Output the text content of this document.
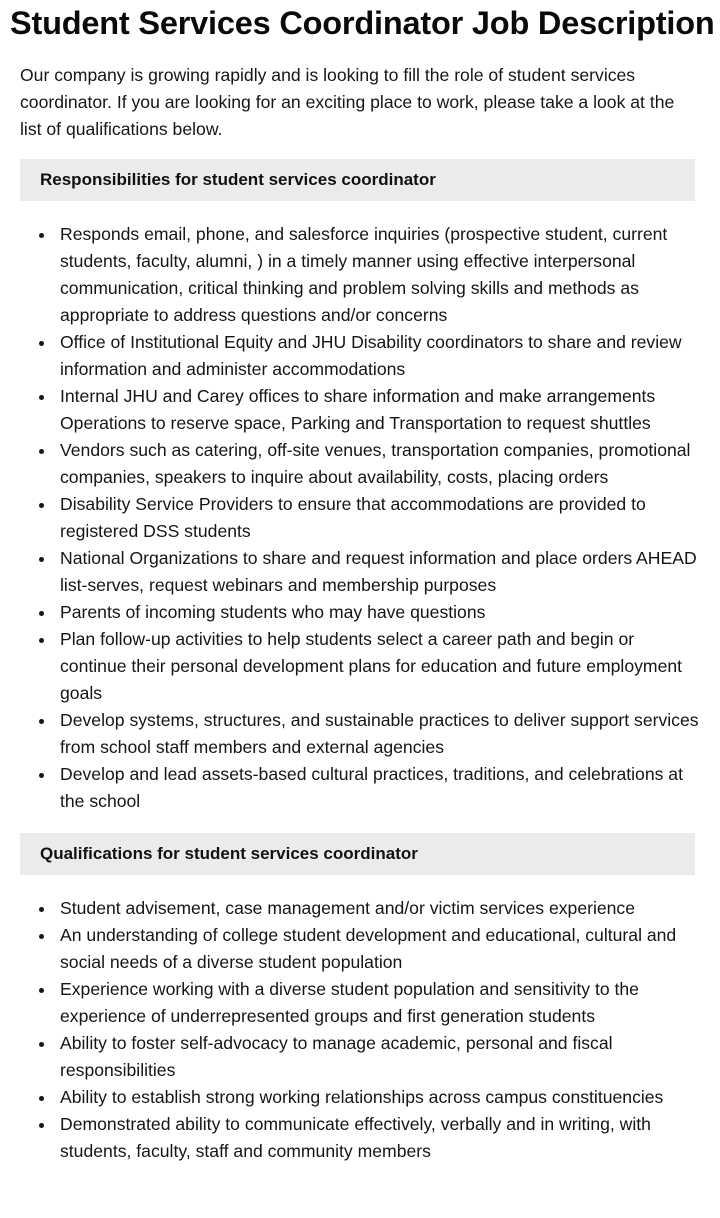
Student Services Coordinator Job Description

Our company is growing rapidly and is looking to fill the role of student services coordinator. If you are looking for an exciting place to work, please take a look at the list of qualifications below.

Responsibilities for student services coordinator
Responds email, phone, and salesforce inquiries (prospective student, current students, faculty, alumni, ) in a timely manner using effective interpersonal communication, critical thinking and problem solving skills and methods as appropriate to address questions and/or concerns
Office of Institutional Equity and JHU Disability coordinators to share and review information and administer accommodations
Internal JHU and Carey offices to share information and make arrangements Operations to reserve space, Parking and Transportation to request shuttles
Vendors such as catering, off-site venues, transportation companies, promotional companies, speakers to inquire about availability, costs, placing orders
Disability Service Providers to ensure that accommodations are provided to registered DSS students
National Organizations to share and request information and place orders AHEAD list-serves, request webinars and membership purposes
Parents of incoming students who may have questions
Plan follow-up activities to help students select a career path and begin or continue their personal development plans for education and future employment goals
Develop systems, structures, and sustainable practices to deliver support services from school staff members and external agencies
Develop and lead assets-based cultural practices, traditions, and celebrations at the school
Qualifications for student services coordinator
Student advisement, case management and/or victim services experience
An understanding of college student development and educational, cultural and social needs of a diverse student population
Experience working with a diverse student population and sensitivity to the experience of underrepresented groups and first generation students
Ability to foster self-advocacy to manage academic, personal and fiscal responsibilities
Ability to establish strong working relationships across campus constituencies
Demonstrated ability to communicate effectively, verbally and in writing, with students, faculty, staff and community members
